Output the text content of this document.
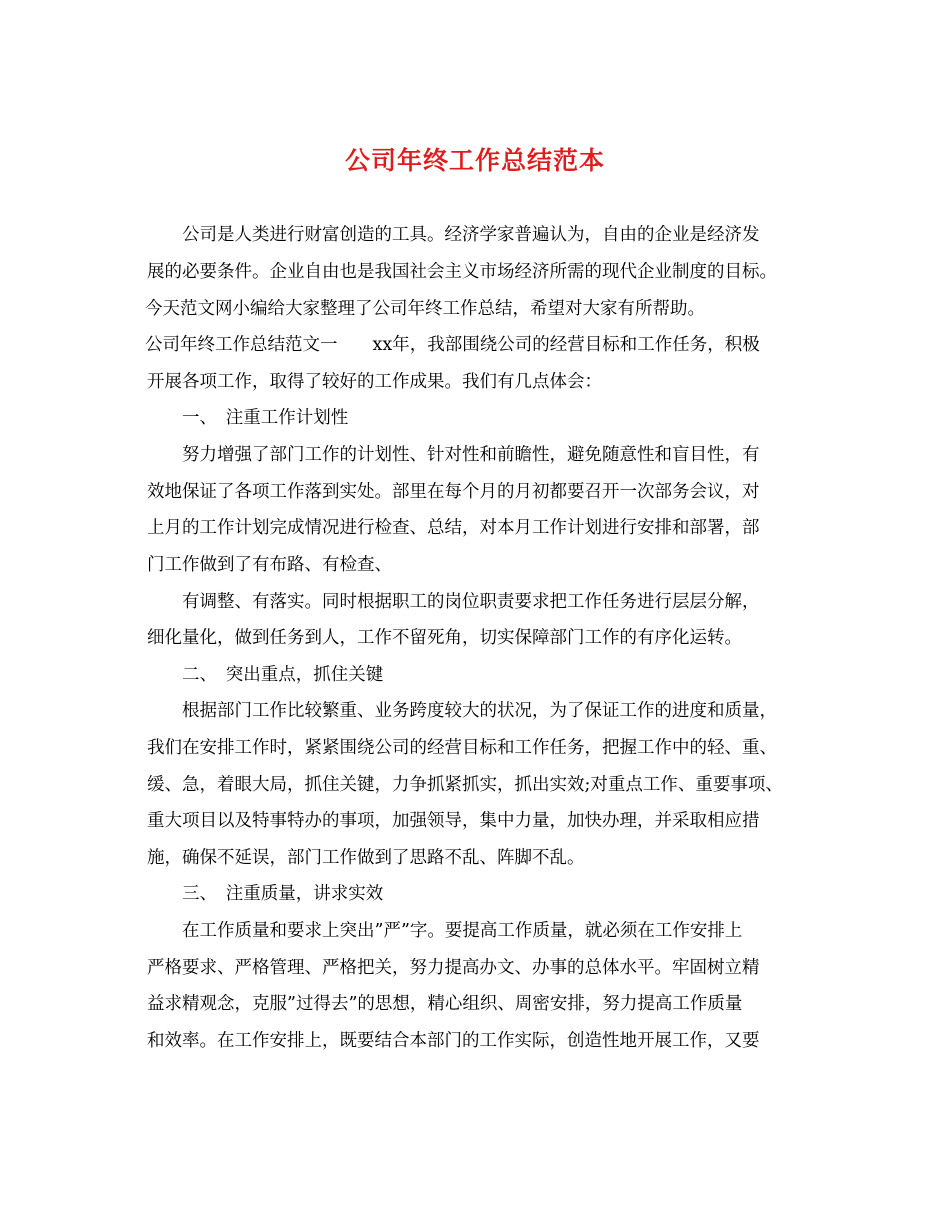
公司年终工作总结范本
公司是人类进行财富创造的工具。经济学家普遍认为，自由的企业是经济发
展的必要条件。企业自由也是我国社会主义市场经济所需的现代企业制度的目标。
今天范文网小编给大家整理了公司年终工作总结，希望对大家有所帮助。
公司年终工作总结范文一　　xx年，我部围绕公司的经营目标和工作任务，积极
开展各项工作，取得了较好的工作成果。我们有几点体会：
一、　注重工作计划性
努力增强了部门工作的计划性、针对性和前瞻性，避免随意性和盲目性，有
效地保证了各项工作落到实处。部里在每个月的月初都要召开一次部务会议，对
上月的工作计划完成情况进行检查、总结，对本月工作计划进行安排和部署，部
门工作做到了有布路、有检查、
有调整、有落实。同时根据职工的岗位职责要求把工作任务进行层层分解，
细化量化，做到任务到人，工作不留死角，切实保障部门工作的有序化运转。
二、　突出重点，抓住关键
根据部门工作比较繁重、业务跨度较大的状况，为了保证工作的进度和质量，
我们在安排工作时，紧紧围绕公司的经营目标和工作任务，把握工作中的轻、重、
缓、急，着眼大局，抓住关键，力争抓紧抓实，抓出实效;对重点工作、重要事项、
重大项目以及特事特办的事项，加强领导，集中力量，加快办理，并采取相应措
施，确保不延误，部门工作做到了思路不乱、阵脚不乱。
三、　注重质量，讲求实效
在工作质量和要求上突出”严”字。要提高工作质量，就必须在工作安排上
严格要求、严格管理、严格把关，努力提高办文、办事的总体水平。牢固树立精
益求精观念，克服”过得去”的思想，精心组织、周密安排，努力提高工作质量
和效率。在工作安排上，既要结合本部门的工作实际，创造性地开展工作，又要
